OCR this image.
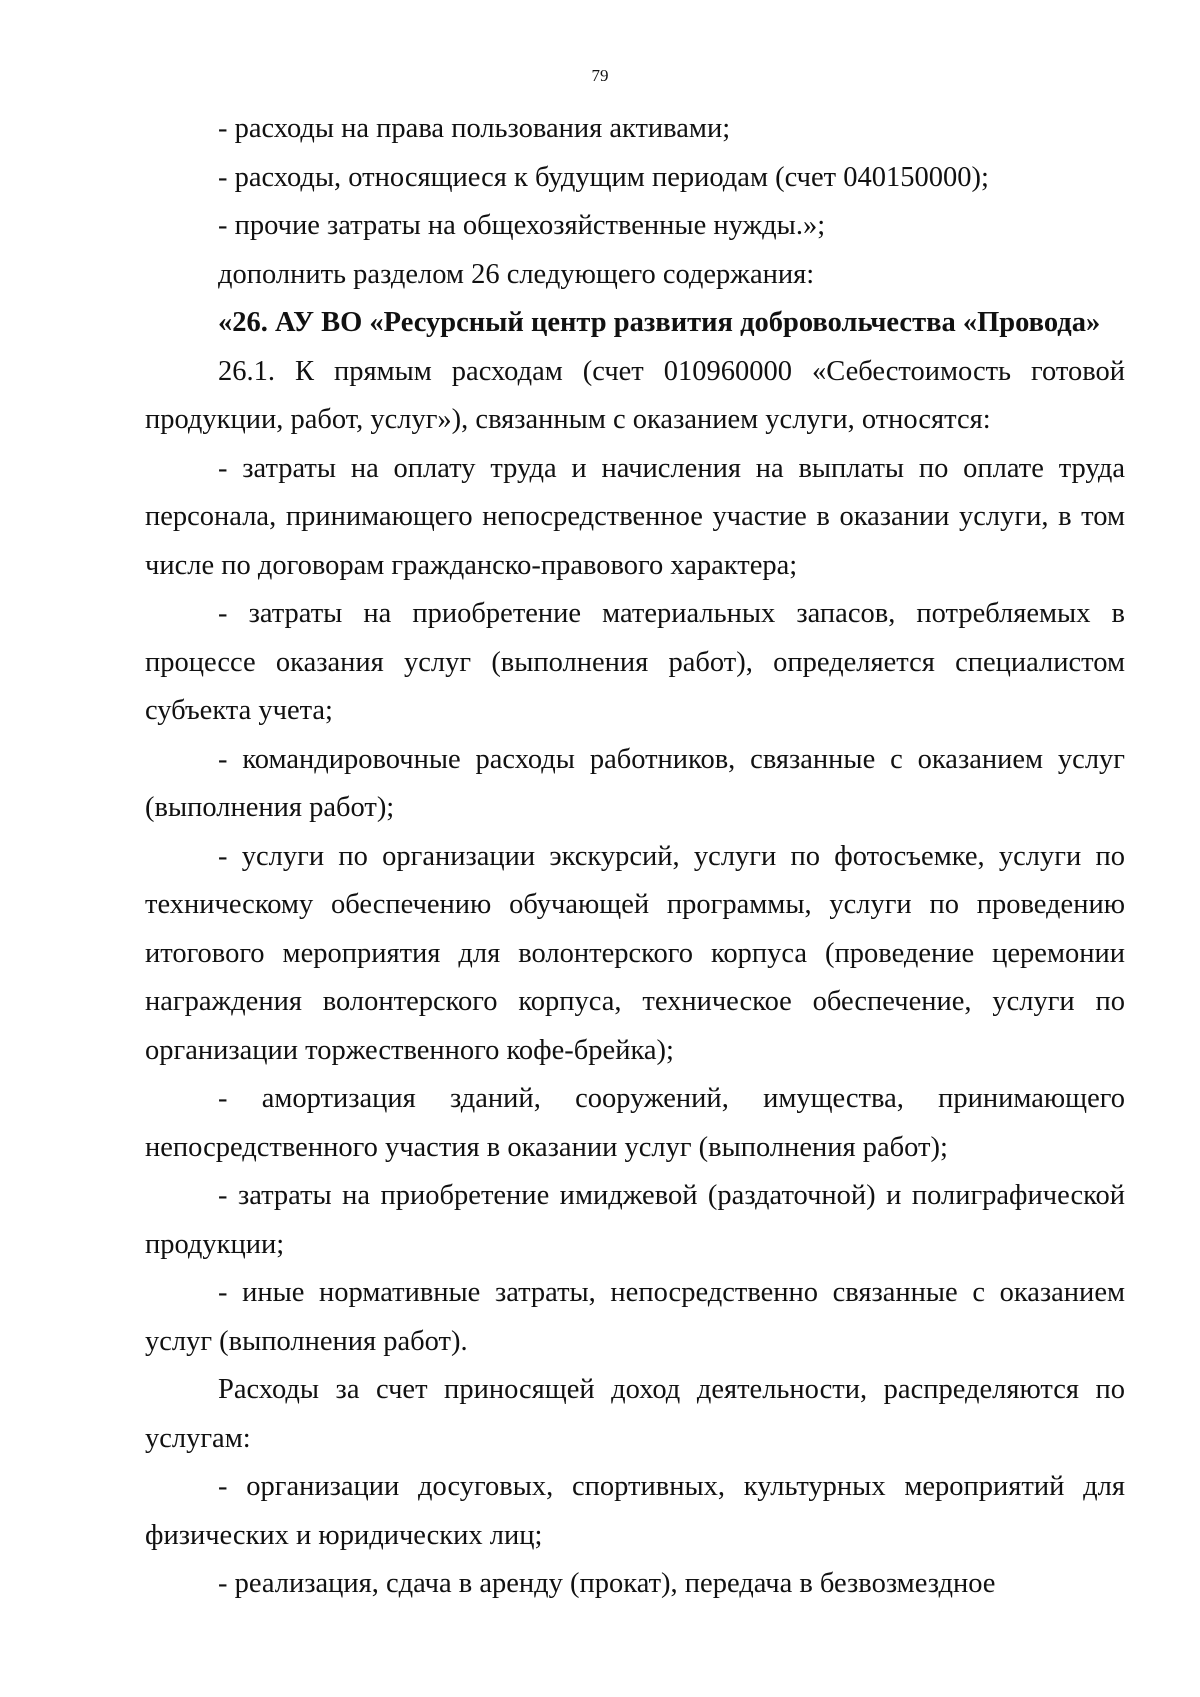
79

- расходы на права пользования активами;

- расходы, относящиеся к будущим периодам (счет 040150000);

- прочие затраты на общехозяйственные нужды.»;

дополнить разделом 26 следующего содержания:

«26. АУ ВО «Ресурсный центр развития добровольчества «Провода»

26.1. К прямым расходам (счет 010960000 «Себестоимость готовой продукции, работ, услуг»), связанным с оказанием услуги, относятся:

- затраты на оплату труда и начисления на выплаты по оплате труда персонала, принимающего непосредственное участие в оказании услуги, в том числе по договорам гражданско-правового характера;

- затраты на приобретение материальных запасов, потребляемых в процессе оказания услуг (выполнения работ), определяется специалистом субъекта учета;

- командировочные расходы работников, связанные с оказанием услуг (выполнения работ);

- услуги по организации экскурсий, услуги по фотосъемке, услуги по техническому обеспечению обучающей программы, услуги по проведению итогового мероприятия для волонтерского корпуса (проведение церемонии награждения волонтерского корпуса, техническое обеспечение, услуги по организации торжественного кофе-брейка);

- амортизация зданий, сооружений, имущества, принимающего непосредственного участия в оказании услуг (выполнения работ);

- затраты на приобретение имиджевой (раздаточной) и полиграфической продукции;

- иные нормативные затраты, непосредственно связанные с оказанием услуг (выполнения работ).

Расходы за счет приносящей доход деятельности, распределяются по услугам:

- организации досуговых, спортивных, культурных мероприятий для физических и юридических лиц;

- реализация, сдача в аренду (прокат), передача в безвозмездное
